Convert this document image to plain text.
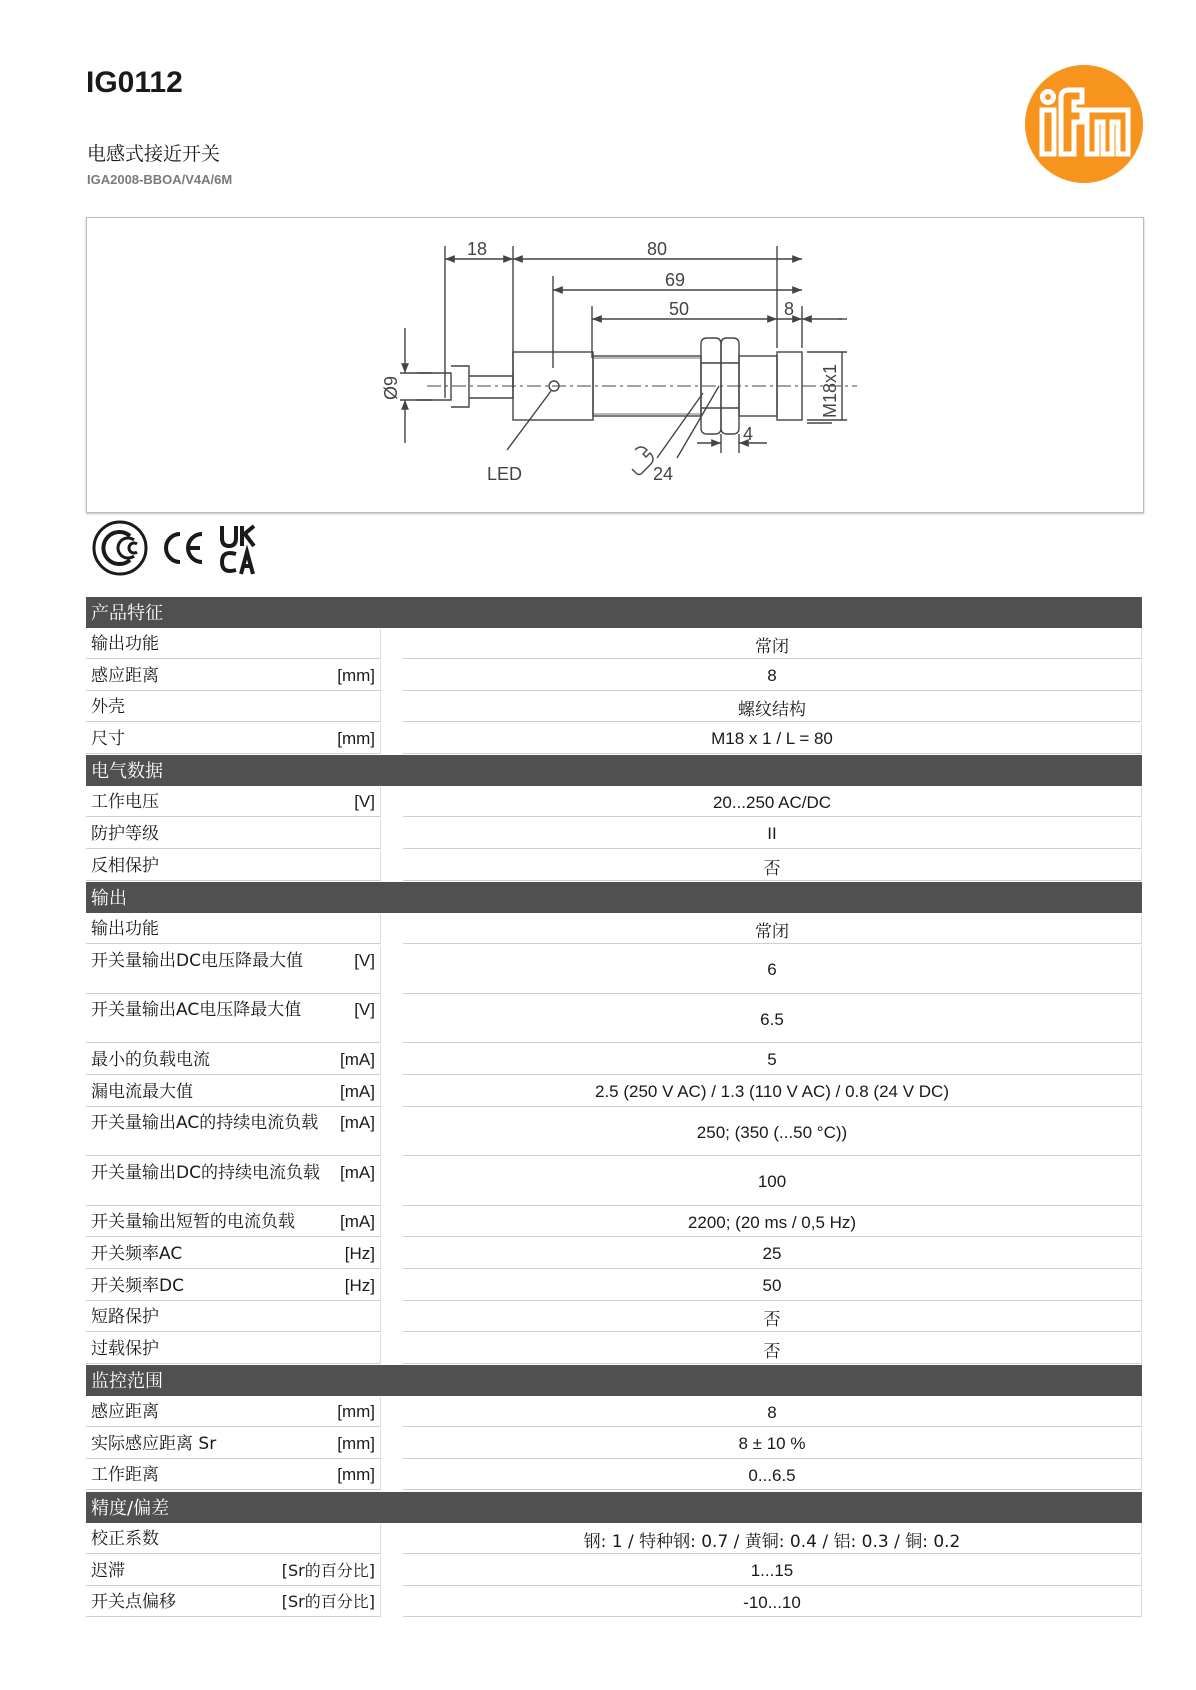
IG0112
电感式接近开关
IGA2008-BBOA/V4A/6M
18	80
69
50	8
4
LED	24
Ø9	M18x1
产品特征
输出功能	常闭
感应距离	[mm]	8
外壳	螺纹结构
尺寸	[mm]	M18 x 1 / L = 80
电气数据
工作电压	[V]	20...250 AC/DC
防护等级	II
反相保护	否
输出
输出功能	常闭
开关量输出DC电压降最大值	[V]	6
开关量输出AC电压降最大值	[V]	6.5
最小的负载电流	[mA]	5
漏电流最大值	[mA]	2.5 (250 V AC) / 1.3 (110 V AC) / 0.8 (24 V DC)
开关量输出AC的持续电流负载	[mA]	250; (350 (...50 °C))
开关量输出DC的持续电流负载	[mA]	100
开关量输出短暂的电流负载	[mA]	2200; (20 ms / 0,5 Hz)
开关频率AC	[Hz]	25
开关频率DC	[Hz]	50
短路保护	否
过载保护	否
监控范围
感应距离	[mm]	8
实际感应距离 Sr	[mm]	8 ± 10 %
工作距离	[mm]	0...6.5
精度/偏差
校正系数	钢: 1 / 特种钢: 0.7 / 黄铜: 0.4 / 铝: 0.3 / 铜: 0.2
迟滞	[Sr的百分比]	1...15
开关点偏移	[Sr的百分比]	-10...10
